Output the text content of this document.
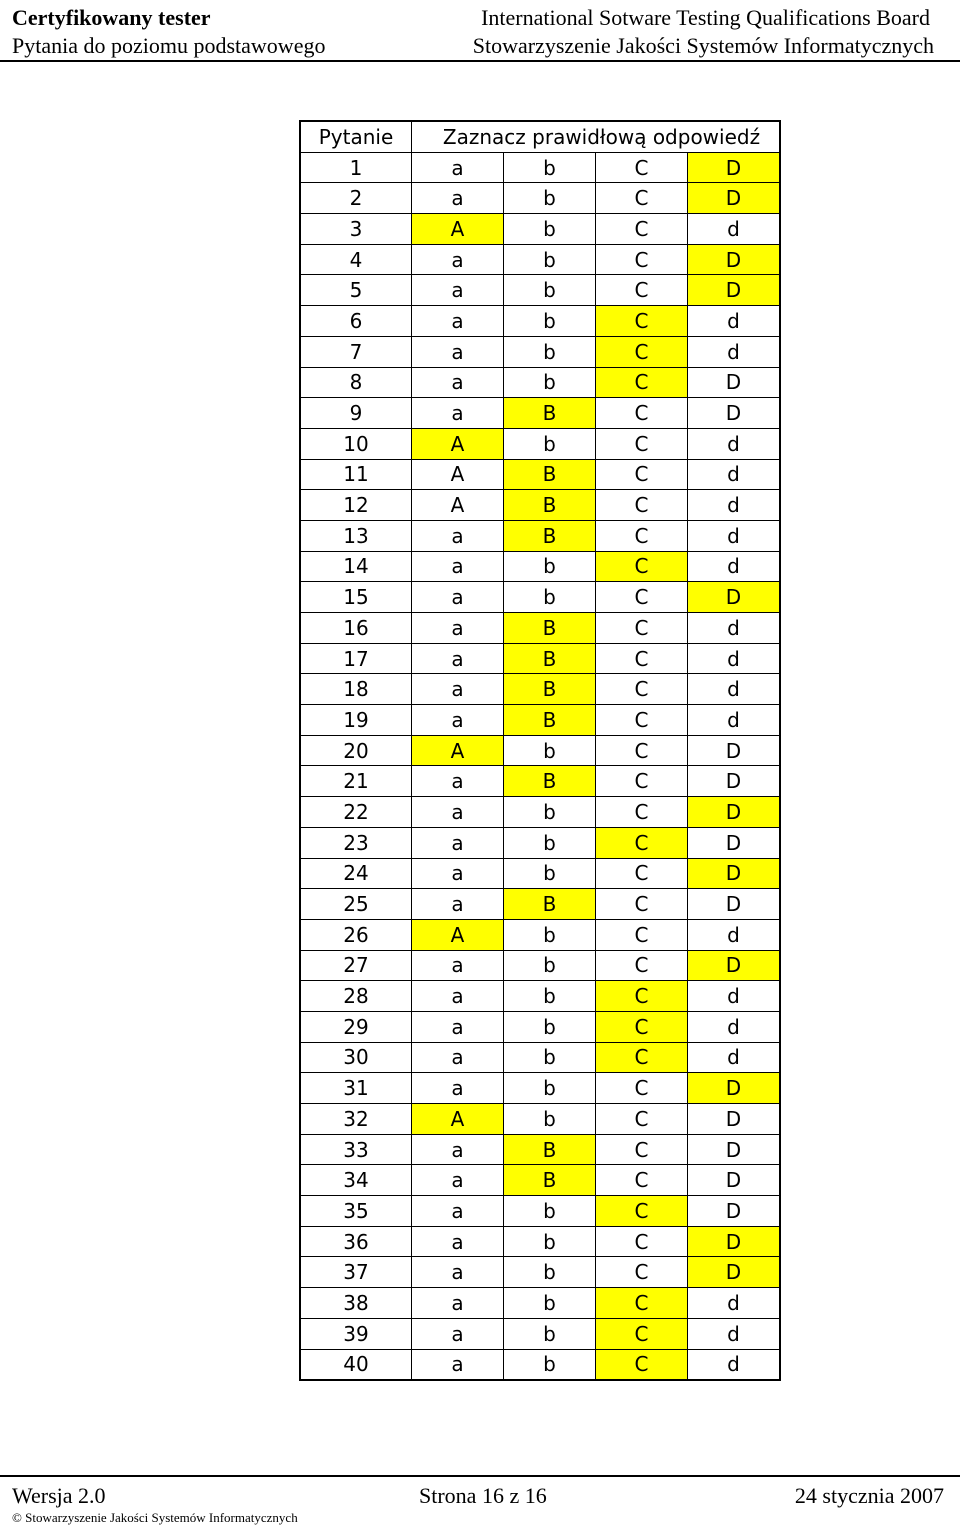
Certyfikowany tester
Pytania do poziomu podstawowego
International Sotware Testing Qualifications Board
Stowarzyszenie Jakości Systemów Informatycznych
Pytanie	Zaznacz prawidłową odpowiedź			
1	a	b	C	D
2	a	b	C	D
3	A	b	C	d
4	a	b	C	D
5	a	b	C	D
6	a	b	C	d
7	a	b	C	d
8	a	b	C	D
9	a	B	C	D
10	A	b	C	d
11	A	B	C	d
12	A	B	C	d
13	a	B	C	d
14	a	b	C	d
15	a	b	C	D
16	a	B	C	d
17	a	B	C	d
18	a	B	C	d
19	a	B	C	d
20	A	b	C	D
21	a	B	C	D
22	a	b	C	D
23	a	b	C	D
24	a	b	C	D
25	a	B	C	D
26	A	b	C	d
27	a	b	C	D
28	a	b	C	d
29	a	b	C	d
30	a	b	C	d
31	a	b	C	D
32	A	b	C	D
33	a	B	C	D
34	a	B	C	D
35	a	b	C	D
36	a	b	C	D
37	a	b	C	D
38	a	b	C	d
39	a	b	C	d
40	a	b	C	d
Wersja 2.0	Strona 16 z 16	24 stycznia 2007
© Stowarzyszenie Jakości Systemów Informatycznych
